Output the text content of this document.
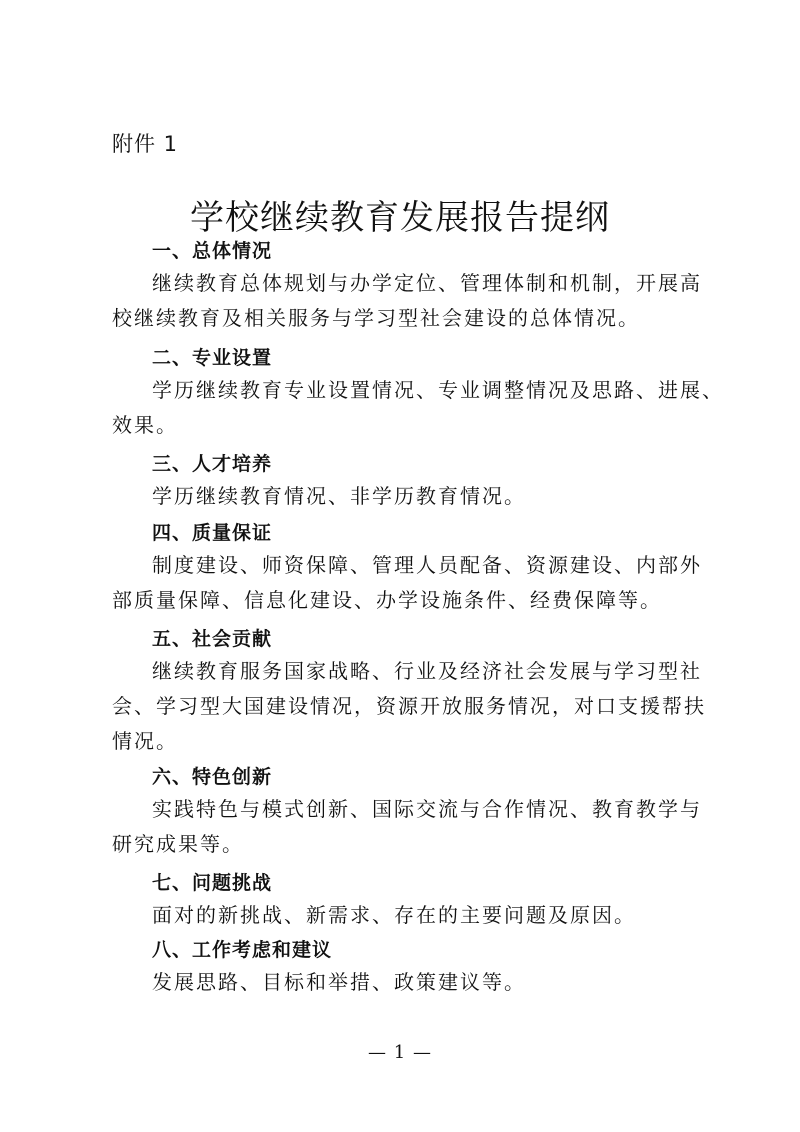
附件 1
学校继续教育发展报告提纲
一、总体情况
继续教育总体规划与办学定位、管理体制和机制，开展高
校继续教育及相关服务与学习型社会建设的总体情况。
二、专业设置
学历继续教育专业设置情况、专业调整情况及思路、进展、
效果。
三、人才培养
学历继续教育情况、非学历教育情况。
四、质量保证
制度建设、师资保障、管理人员配备、资源建设、内部外
部质量保障、信息化建设、办学设施条件、经费保障等。
五、社会贡献
继续教育服务国家战略、行业及经济社会发展与学习型社
会、学习型大国建设情况，资源开放服务情况，对口支援帮扶
情况。
六、特色创新
实践特色与模式创新、国际交流与合作情况、教育教学与
研究成果等。
七、问题挑战
面对的新挑战、新需求、存在的主要问题及原因。
八、工作考虑和建议
发展思路、目标和举措、政策建议等。
— 1 —
